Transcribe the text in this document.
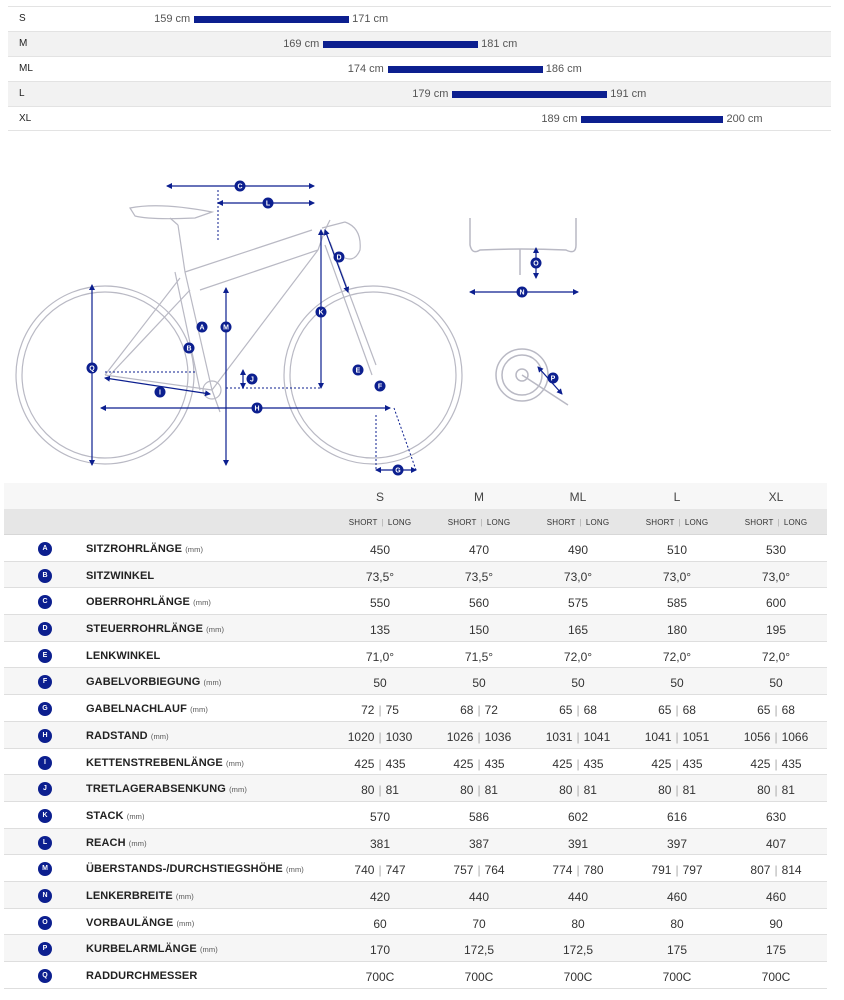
S	159 cm	171 cm
M	169 cm	181 cm
ML	174 cm	186 cm
L	179 cm	191 cm
XL	189 cm	200 cm
C
L
D
K
A	M
B
Q	E
J
F
I
H
G
O
N
P
S	M	ML	L	XL
SHORT | LONG	SHORT | LONG	SHORT | LONG	SHORT | LONG	SHORT | LONG
A	SITZROHRLÄNGE (mm)	450	470	490	510	530
B	SITZWINKEL	73,5°	73,5°	73,0°	73,0°	73,0°
C	OBERROHRLÄNGE (mm)	550	560	575	585	600
D	STEUERROHRLÄNGE (mm)	135	150	165	180	195
E	LENKWINKEL	71,0°	71,5°	72,0°	72,0°	72,0°
F	GABELVORBIEGUNG (mm)	50	50	50	50	50
G	GABELNACHLAUF (mm)	72 | 75	68 | 72	65 | 68	65 | 68	65 | 68
H	RADSTAND (mm)	1020 | 1030	1026 | 1036	1031 | 1041	1041 | 1051	1056 | 1066
I	KETTENSTREBENLÄNGE (mm)	425 | 435	425 | 435	425 | 435	425 | 435	425 | 435
J	TRETLAGERABSENKUNG (mm)	80 | 81	80 | 81	80 | 81	80 | 81	80 | 81
K	STACK (mm)	570	586	602	616	630
L	REACH (mm)	381	387	391	397	407
M	ÜBERSTANDS-/DURCHSTIEGSHÖHE (mm)	740 | 747	757 | 764	774 | 780	791 | 797	807 | 814
N	LENKERBREITE (mm)	420	440	440	460	460
O	VORBAULÄNGE (mm)	60	70	80	80	90
P	KURBELARMLÄNGE (mm)	170	172,5	172,5	175	175
Q	RADDURCHMESSER	700C	700C	700C	700C	700C
